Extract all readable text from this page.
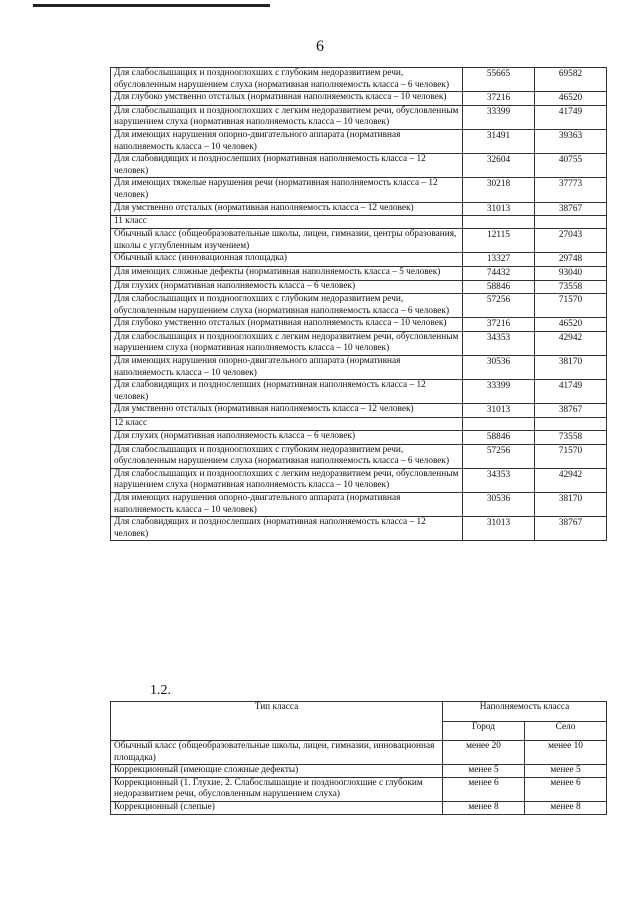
6
Для слабослышащих и позднооглохших с глубоким недоразвитием речи, обусловленным нарушением слуха (нормативная наполняемость класса – 6 человек)	55665	69582
Для глубоко умственно отсталых (нормативная наполняемость класса – 10 человек)	37216	46520
Для слабослышащих и позднооглохших с легким недоразвитием речи, обусловленным нарушением слуха (нормативная наполняемость класса – 10 человек)	33399	41749
Для имеющих нарушения опорно-двигательного аппарата (нормативная наполняемость класса – 10 человек)	31491	39363
Для слабовидящих и позднослепших (нормативная наполняемость класса – 12 человек)	32604	40755
Для имеющих тяжелые нарушения речи (нормативная наполняемость класса – 12 человек)	30218	37773
Для умственно отсталых (нормативная наполняемость класса – 12 человек)	31013	38767
11 класс		
Обычный класс (общеобразовательные школы, лицеи, гимназии, центры образования, школы с углубленным изучением)	12115	27043
Обычный класс (инновационная площадка)	13327	29748
Для имеющих сложные дефекты (нормативная наполняемость класса – 5 человек)	74432	93040
Для глухих (нормативная наполняемость класса – 6 человек)	58846	73558
Для слабослышащих и позднооглохших с глубоким недоразвитием речи, обусловленным нарушением слуха (нормативная наполняемость класса – 6 человек)	57256	71570
Для глубоко умственно отсталых (нормативная наполняемость класса – 10 человек)	37216	46520
Для слабослышащих и позднооглохших с легким недоразвитием речи, обусловленным нарушением слуха (нормативная наполняемость класса – 10 человек)	34353	42942
Для имеющих нарушения опорно-двигательного аппарата (нормативная наполняемость класса – 10 человек)	30536	38170
Для слабовидящих и позднослепших (нормативная наполняемость класса – 12 человек)	33399	41749
Для умственно отсталых (нормативная наполняемость класса – 12 человек)	31013	38767
12 класс		
Для глухих (нормативная наполняемость класса – 6 человек)	58846	73558
Для слабослышащих и позднооглохших с глубоким недоразвитием речи, обусловленным нарушением слуха (нормативная наполняемость класса – 6 человек)	57256	71570
Для слабослышащих и позднооглохших с легким недоразвитием речи, обусловленным нарушением слуха (нормативная наполняемость класса – 10 человек)	34353	42942
Для имеющих нарушения опорно-двигательного аппарата (нормативная наполняемость класса – 10 человек)	30536	38170
Для слабовидящих и позднослепших (нормативная наполняемость класса – 12 человек)	31013	38767
1.2.
Тип класса	Наполняемость класса	
	Город	Село
Обычный класс (общеобразовательные школы, лицеи, гимназии, инновационная площадка)	менее 20	менее 10
Коррекционный (имеющие сложные дефекты)	менее 5	менее 5
Коррекционный (1. Глухие. 2. Слабослышащие и позднооглохшие с глубоким недоразвитием речи, обусловленным нарушением слуха)	менее 6	менее 6
Коррекционный (слепые)	менее 8	менее 8
